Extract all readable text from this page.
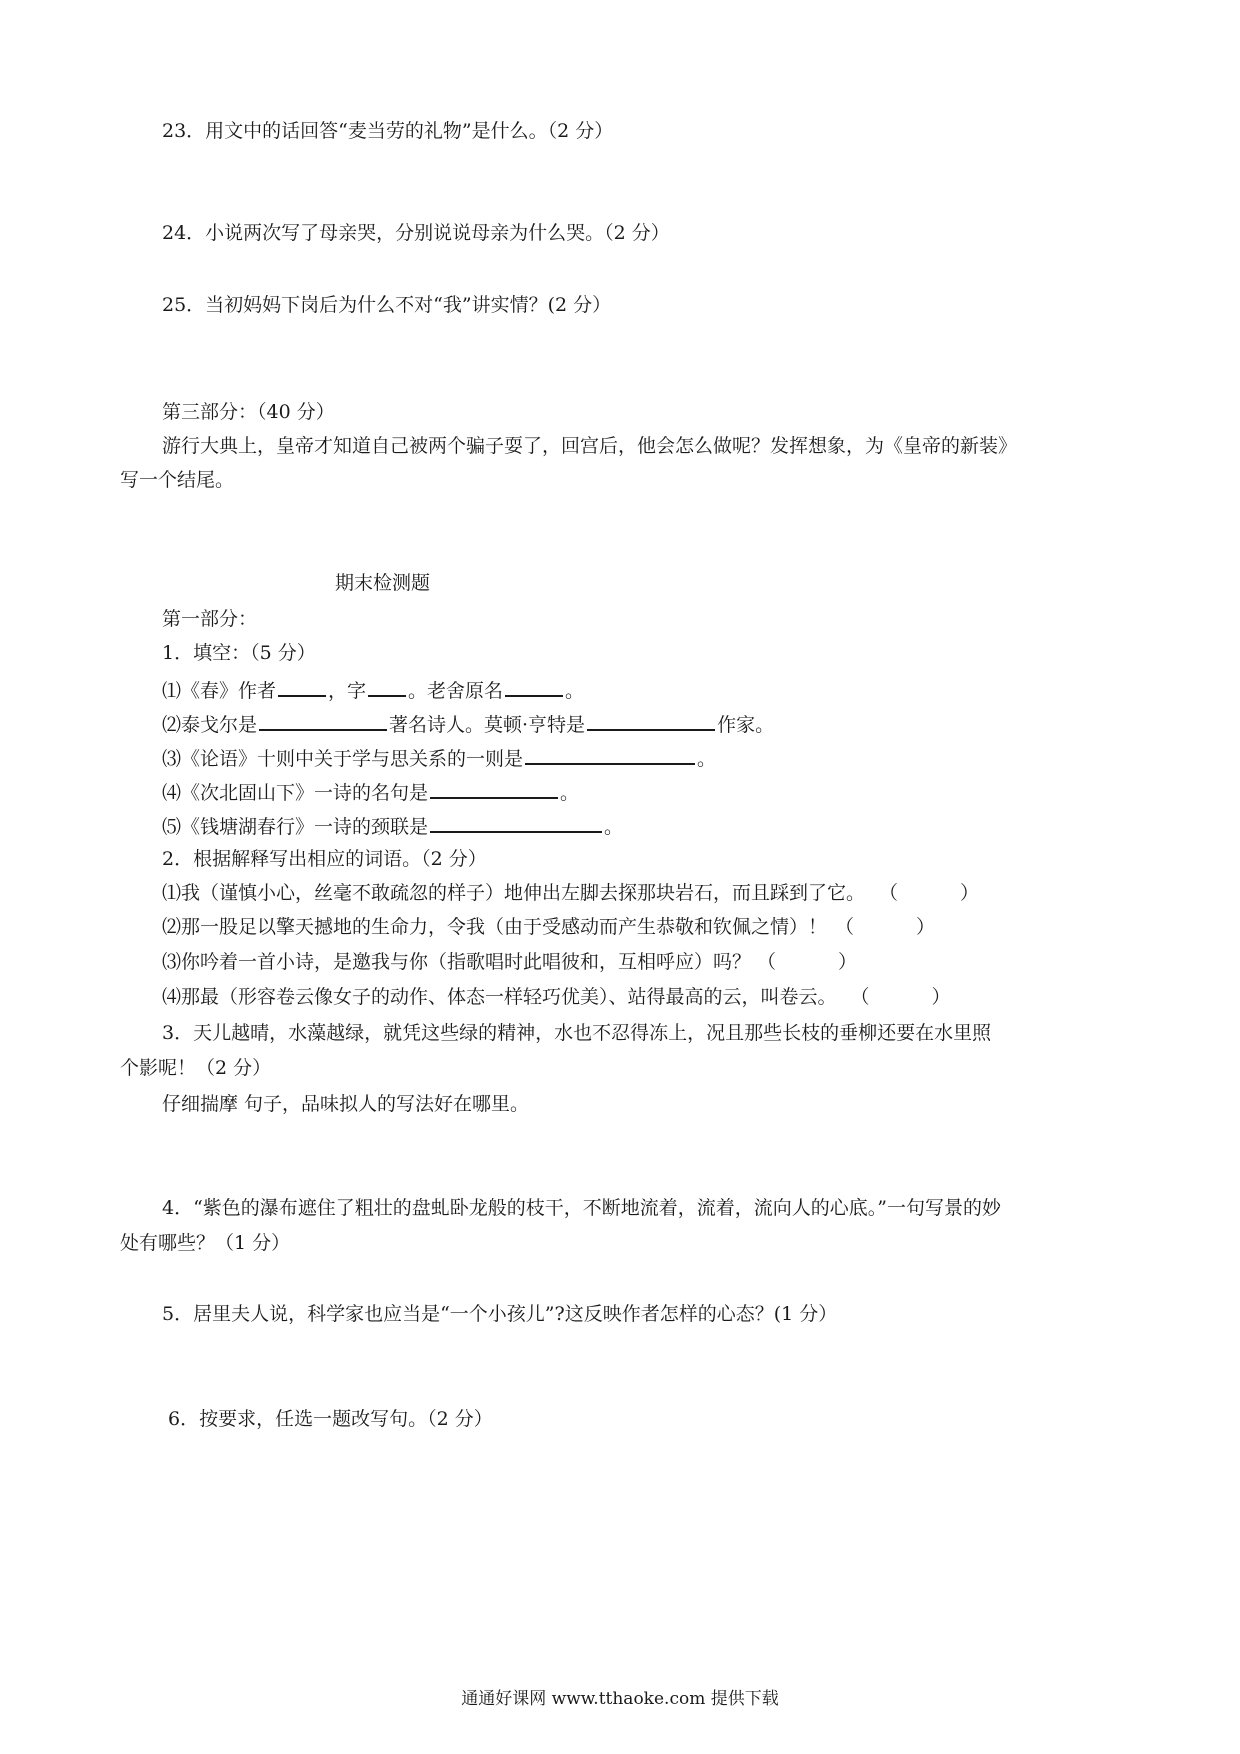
23．用文中的话回答“麦当劳的礼物”是什么。（2 分）
24．小说两次写了母亲哭，分别说说母亲为什么哭。（2 分）
25．当初妈妈下岗后为什么不对“我”讲实情？(2 分）
第三部分：（40 分）
游行大典上，皇帝才知道自己被两个骗子耍了，回宫后，他会怎么做呢？发挥想象，为《皇帝的新装》
写一个结尾。
期末检测题
第一部分：
1．填空：（5 分）
⑴《春》作者	，字 。老舍原名	。
⑵泰戈尔是	著名诗人。莫顿·亨特是	作家。
⑶《论语》十则中关于学与思关系的一则是	。
⑷《次北固山下》一诗的名句是	。
⑸《钱塘湖春行》一诗的颈联是	。
2．根据解释写出相应的词语。（2 分）
⑴我（谨慎小心，丝毫不敢疏忽的样子）地伸出左脚去探那块岩石，而且踩到了它。 （	）
⑵那一股足以擎天撼地的生命力，令我（由于受感动而产生恭敬和钦佩之情）！ （	）
⑶你吟着一首小诗，是邀我与你（指歌唱时此唱彼和，互相呼应）吗？ （	）
⑷那最（形容卷云像女子的动作、体态一样轻巧优美）、站得最高的云，叫卷云。 （	）
3．天儿越晴，水藻越绿，就凭这些绿的精神，水也不忍得冻上，况且那些长枝的垂柳还要在水里照
个影呢！（2 分）
仔细揣摩 句子，品味拟人的写法好在哪里。
4．“紫色的瀑布遮住了粗壮的盘虬卧龙般的枝干，不断地流着，流着，流向人的心底。”一句写景的妙
处有哪些？（1 分）
5．居里夫人说，科学家也应当是“一个小孩儿”?这反映作者怎样的心态？(1 分）
6．按要求，任选一题改写句。（2 分）
通通好课网 www.tthaoke.com 提供下载
